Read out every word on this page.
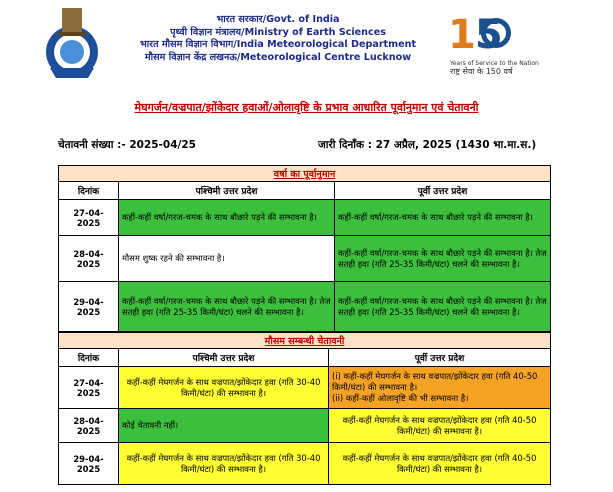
भारत सरकार/Govt. of India
पृथ्वी विज्ञान मंत्रालय/Ministry of Earth Sciences
भारत मौसम विज्ञान विभाग/India Meteorological Department
मौसम विज्ञान केंद्र लखनऊ/Meteorological Centre Lucknow 15
Years of Service to the Nation
राष्ट्र सेवा के 150 वर्ष
मेघगर्जन/वज्रपात/झोंकेदार हवाओं/ओलावृष्टि के प्रभाव आधारित पूर्वानुमान एवं चेतावनी
चेतावनी संख्या :- 2025-04/25	जारी दिनाँक : 27 अप्रैल, 2025 (1430 भा.मा.स.)
वर्षा का पूर्वानुमान		
दिनांक	पश्चिमी उत्तर प्रदेश	पूर्वी उत्तर प्रदेश
27-04-2025	कहीं-कहीं वर्षा/गरज-चमक के साथ बौछारे पड़ने की सम्भावना है।	कहीं-कहीं वर्षा/गरज-चमक के साथ बौछारे पड़ने की सम्भावना है।
28-04-2025	मौसम शुष्क रहने की सम्भावना है।	कहीं-कहीं वर्षा/गरज-चमक के साथ बौछारे पड़ने की सम्भावना है। तेज सतही हवा (गति 25-35 किमी/घंटा) चलने की सम्भावना है।
29-04-2025	कहीं-कहीं वर्षा/गरज-चमक के साथ बौछारे पड़ने की सम्भावना है। तेज सतही हवा (गति 25-35 किमी/घंटा) चलने की सम्भावना है।	कहीं-कहीं वर्षा/गरज-चमक के साथ बौछारे पड़ने की सम्भावना है। तेज सतही हवा (गति 25-35 किमी/घंटा) चलने की सम्भावना है।
मौसम सम्बन्धी चेतावनी		
दिनांक	पश्चिमी उत्तर प्रदेश	पूर्वी उत्तर प्रदेश
27-04-2025	कहीं-कहीं मेघगर्जन के साथ वज्रपात/झोंकेदार हवा (गति 30-40 किमी/घंटा) की सम्भावना है।	(i) कहीं-कहीं मेघगर्जन के साथ वज्रपात/झोंकेदार हवा (गति 40-50 किमी/घंटा) की सम्भावना है।
(ii) कहीं-कहीं ओलावृष्टि की भी सम्भावना है।

28-04-2025	कोई चेतावनी नहीं।	कहीं-कहीं मेघगर्जन के साथ वज्रपात/झोंकेदार हवा (गति 40-50 किमी/घंटा) की सम्भावना है।
29-04-2025	कहीं-कहीं मेघगर्जन के साथ वज्रपात/झोंकेदार हवा (गति 30-40 किमी/घंटा) की सम्भावना है।	कहीं-कहीं मेघगर्जन के साथ वज्रपात/झोंकेदार हवा (गति 40-50 किमी/घंटा) की सम्भावना है।
